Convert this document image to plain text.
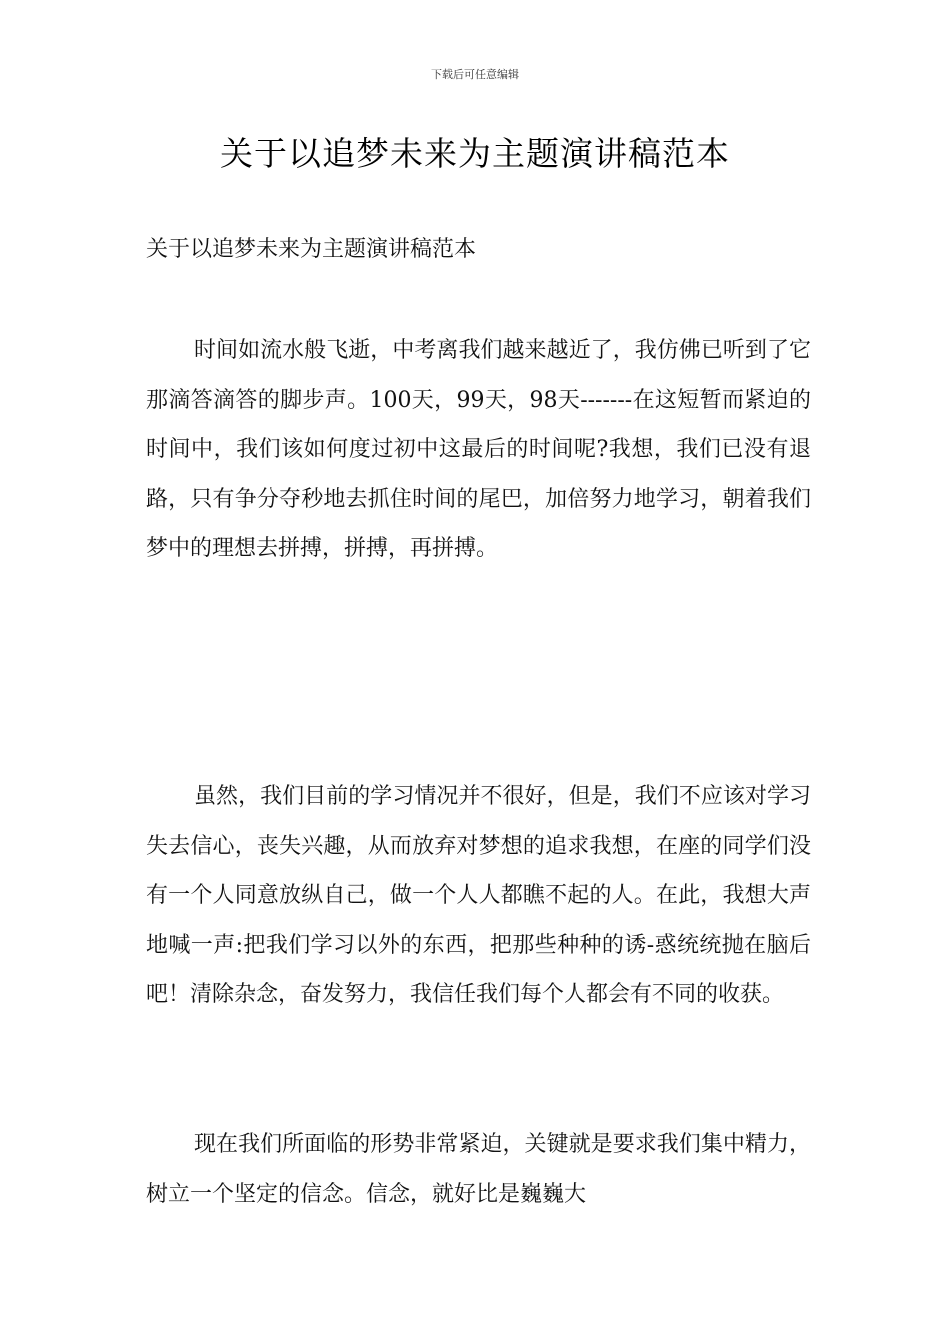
下载后可任意编辑
关于以追梦未来为主题演讲稿范本
关于以追梦未来为主题演讲稿范本

时间如流水般飞逝，中考离我们越来越近了，我仿佛已听到了它那滴答滴答的脚步声。100天，99天，98天-------在这短暂而紧迫的时间中，我们该如何度过初中这最后的时间呢?我想，我们已没有退路，只有争分夺秒地去抓住时间的尾巴，加倍努力地学习，朝着我们梦中的理想去拼搏，拼搏，再拼搏。

虽然，我们目前的学习情况并不很好，但是，我们不应该对学习失去信心，丧失兴趣，从而放弃对梦想的追求我想，在座的同学们没有一个人同意放纵自己，做一个人人都瞧不起的人。在此，我想大声地喊一声:把我们学习以外的东西，把那些种种的诱-惑统统抛在脑后吧！清除杂念，奋发努力，我信任我们每个人都会有不同的收获。

现在我们所面临的形势非常紧迫，关键就是要求我们集中精力，树立一个坚定的信念。信念，就好比是巍巍大
